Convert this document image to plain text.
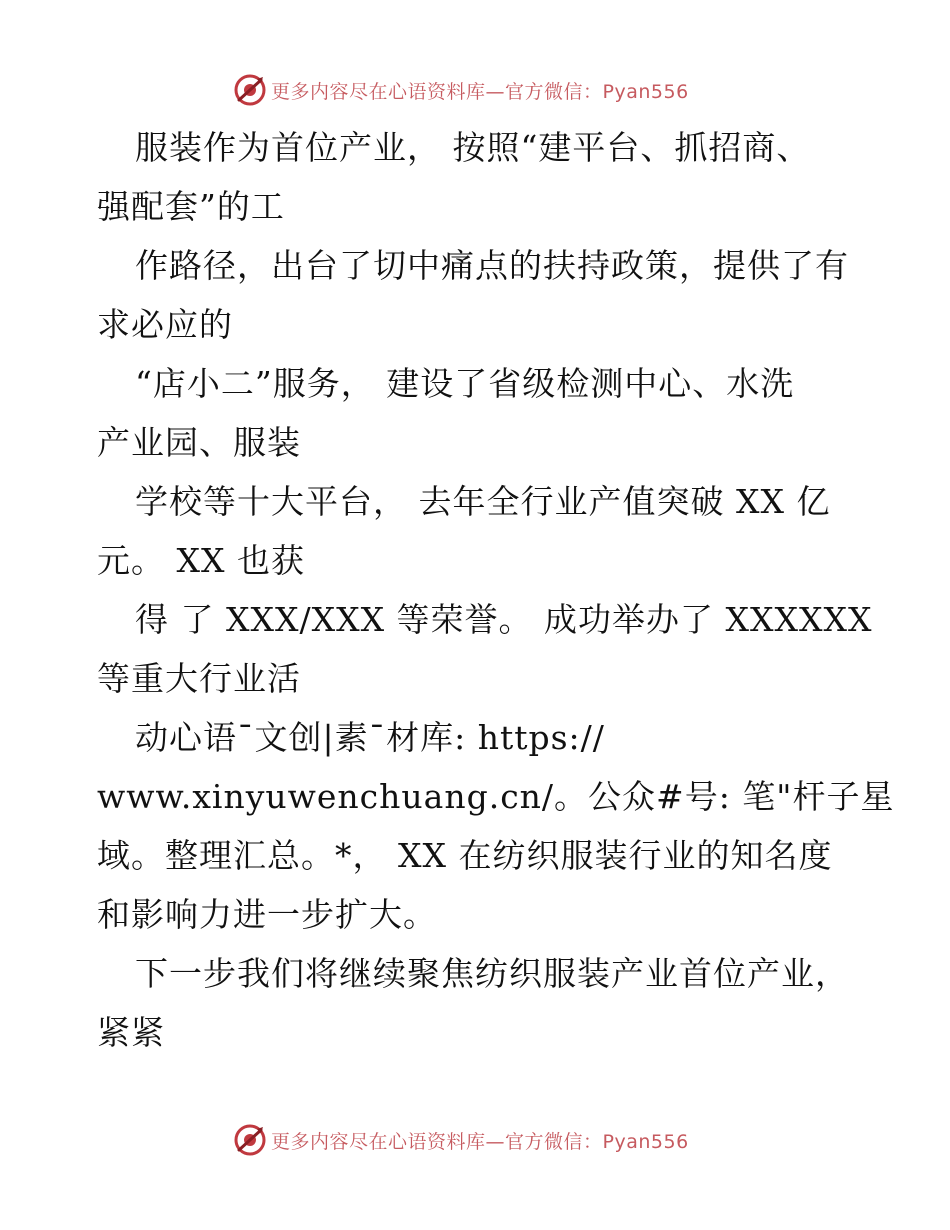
更多内容尽在心语资料库—官方微信：Pyan556
服装作为首位产业， 按照“建平台、抓招商、
强配套”的工
作路径，出台了切中痛点的扶持政策，提供了有
求必应的
“店小二”服务， 建设了省级检测中心、水洗
产业园、服装
学校等十大平台， 去年全行业产值突破 XX 亿
元。 XX 也获
得 了 XXX/XXX 等荣誉。 成功举办了 XXXXXX
等重大行业活
动心语¯文创|素¯材库: https://
www.xinyuwenchuang.cn/。公众#号: 笔"杆子星
域。整理汇总。*， XX 在纺织服装行业的知名度
和影响力进一步扩大。
下一步我们将继续聚焦纺织服装产业首位产业，
紧紧
更多内容尽在心语资料库—官方微信：Pyan556
